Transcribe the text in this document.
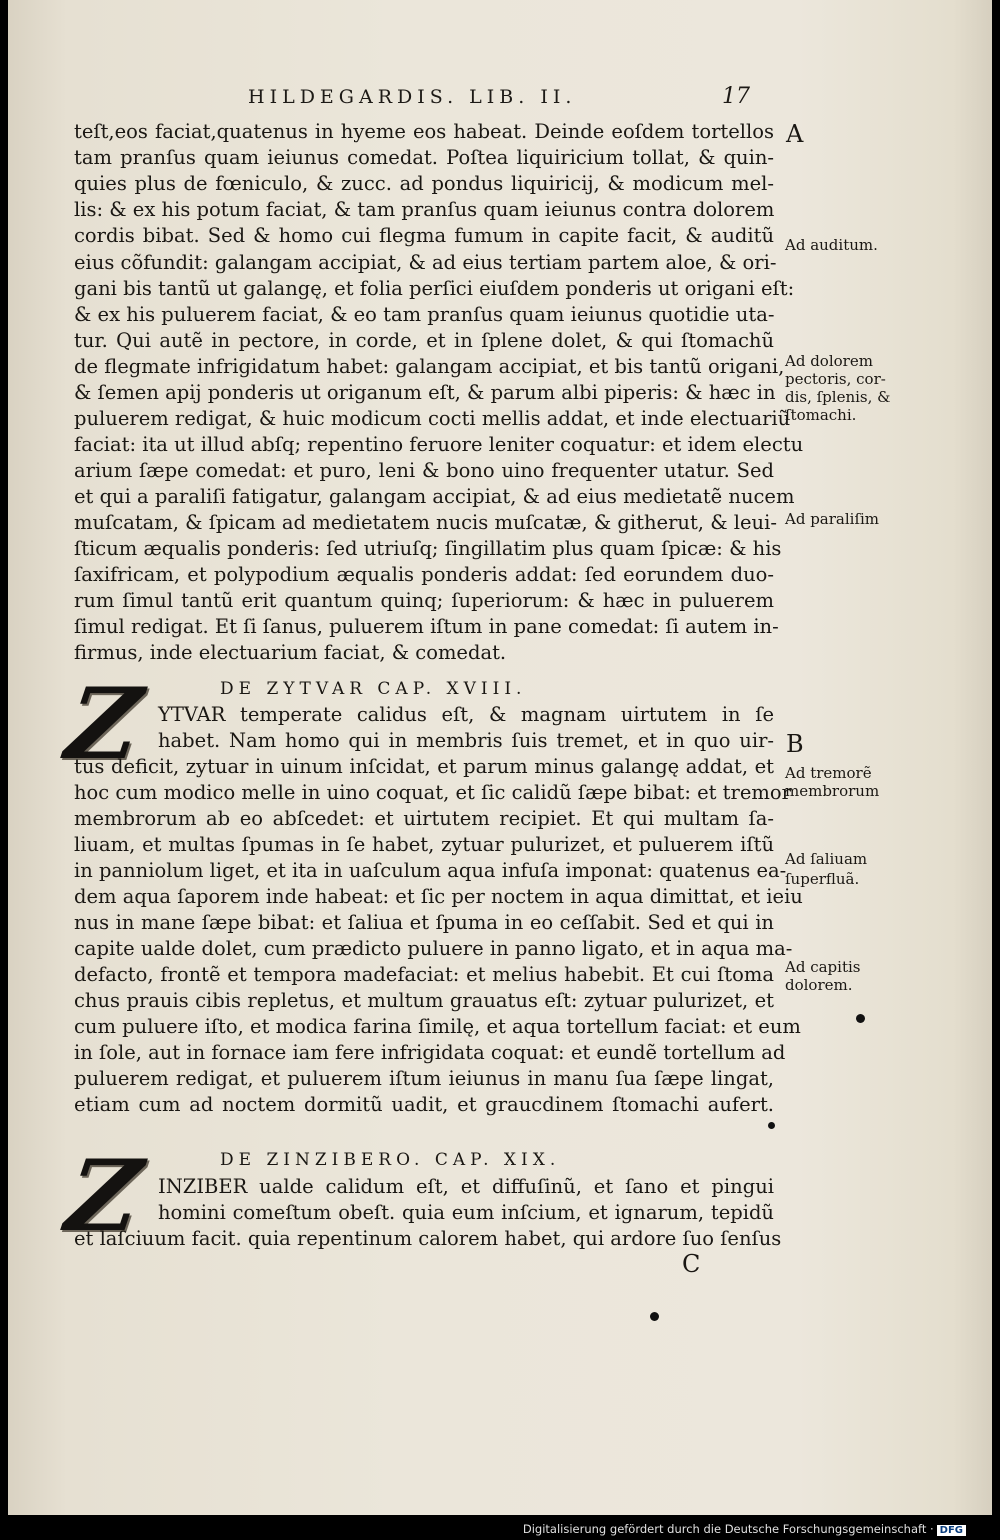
HILDEGARDIS. LIB. II.	17
teſt,eos faciat,quatenus in hyeme eos habeat. Deinde eoſdem tortellos
tam pranſus quam ieiunus comedat. Poſtea liquiricium tollat, & quin-
quies plus de fœniculo, & zucc. ad pondus liquiricij, & modicum mel-
lis: & ex his potum faciat, & tam pranſus quam ieiunus contra dolorem
cordis bibat. Sed & homo cui flegma fumum in capite facit, & auditũ
eius cõfundit: galangam accipiat, & ad eius tertiam partem aloe, & ori-
gani bis tantũ ut galangę, et folia perſici eiuſdem ponderis ut origani eſt:
& ex his puluerem faciat, & eo tam pranſus quam ieiunus quotidie uta-
tur. Qui autẽ in pectore, in corde, et in ſplene dolet, & qui ſtomachũ
de flegmate infrigidatum habet: galangam accipiat, et bis tantũ origani,
& ſemen apij ponderis ut origanum eſt, & parum albi piperis: & hæc in
puluerem redigat, & huic modicum cocti mellis addat, et inde electuariũ
faciat: ita ut illud abſq; repentino feruore leniter coquatur: et idem electu
arium ſæpe comedat: et puro, leni & bono uino frequenter utatur. Sed
et qui a paraliſi fatigatur, galangam accipiat, & ad eius medietatẽ nucem
muſcatam, & ſpicam ad medietatem nucis muſcatæ, & githerut, & leui-
ſticum æqualis ponderis: ſed utriuſq; ſingillatim plus quam ſpicæ: & his
ſaxifricam, et polypodium æqualis ponderis addat: ſed eorundem duo-
rum ſimul tantũ erit quantum quinq; ſuperiorum: & hæc in puluerem
ſimul redigat. Et ſi ſanus, puluerem iſtum in pane comedat: ſi autem in-
firmus, inde electuarium faciat, & comedat.
Z	DE ZYTVAR CAP. XVIII.
YTVAR temperate calidus eſt, & magnam uirtutem in ſe
habet. Nam homo qui in membris ſuis tremet, et in quo uir-
tus deficit, zytuar in uinum inſcidat, et parum minus galangę addat, et
hoc cum modico melle in uino coquat, et ſic calidũ ſæpe bibat: et tremor
membrorum ab eo abſcedet: et uirtutem recipiet. Et qui multam ſa-
liuam, et multas ſpumas in ſe habet, zytuar pulurizet, et puluerem iſtũ
in panniolum liget, et ita in uaſculum aqua infuſa imponat: quatenus ea-
dem aqua ſaporem inde habeat: et ſic per noctem in aqua dimittat, et ieiu
nus in mane ſæpe bibat: et ſaliua et ſpuma in eo ceſſabit. Sed et qui in
capite ualde dolet, cum prædicto puluere in panno ligato, et in aqua ma-
defacto, frontẽ et tempora madefaciat: et melius habebit. Et cui ſtoma
chus prauis cibis repletus, et multum grauatus eſt: zytuar pulurizet, et
cum puluere iſto, et modica farina ſimilę, et aqua tortellum faciat: et eum
in ſole, aut in fornace iam fere infrigidata coquat: et eundẽ tortellum ad
puluerem redigat, et puluerem iſtum ieiunus in manu ſua ſæpe lingat,
etiam cum ad noctem dormitũ uadit, et graucdinem ſtomachi aufert.
Z	DE ZINZIBERO. CAP. XIX.
INZIBER ualde calidum eſt, et diffuſinũ, et ſano et pingui
homini comeſtum obeſt. quia eum inſcium, et ignarum, tepidũ
et laſciuum facit. quia repentinum calorem habet, qui ardore ſuo ſenſus
C
A
Ad auditum.
Ad dolorem
pectoris, cor-
dis, ſplenis, &
ſtomachi.
Ad paraliſim
B
Ad tremorẽ
membrorum
Ad ſaliuam
ſuperfluã.
Ad capitis
dolorem.
Digitalisierung gefördert durch die Deutsche Forschungsgemeinschaft · DFG
